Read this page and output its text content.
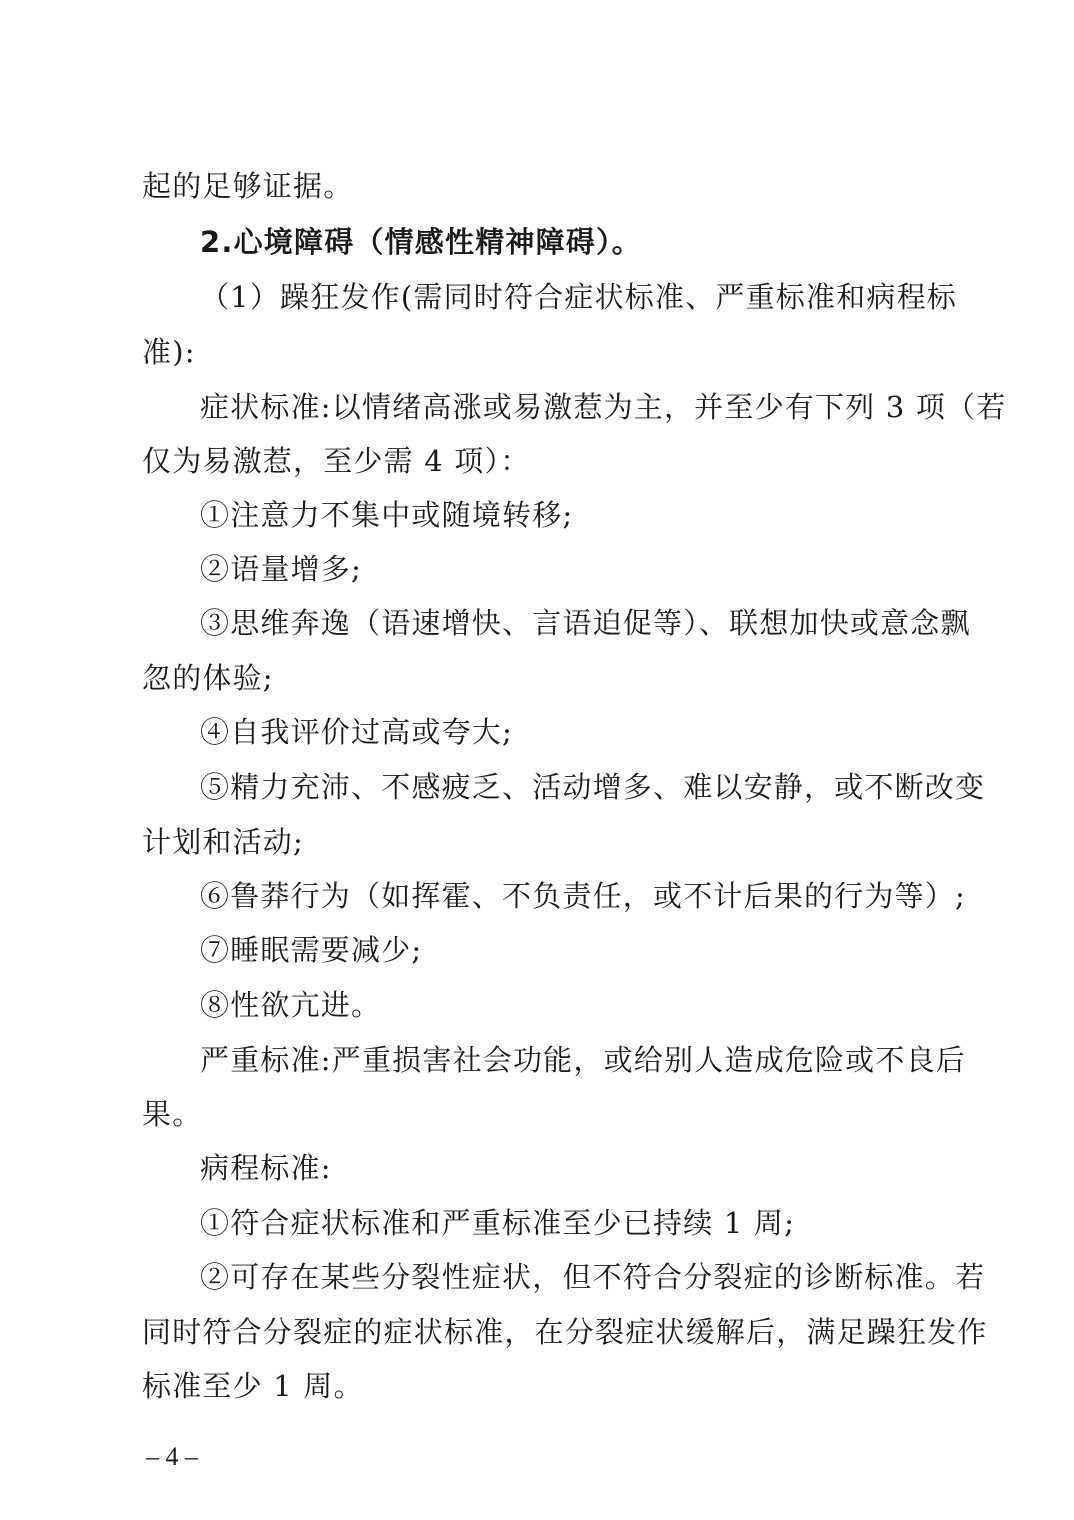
起的足够证据。
2.心境障碍（情感性精神障碍）。
（1）躁狂发作(需同时符合症状标准、严重标准和病程标
准):
症状标准:以情绪高涨或易激惹为主，并至少有下列 3 项（若
仅为易激惹，至少需 4 项）：
①注意力不集中或随境转移;
②语量增多;
③思维奔逸（语速增快、言语迫促等）、联想加快或意念飘
忽的体验;
④自我评价过高或夸大;
⑤精力充沛、不感疲乏、活动增多、难以安静，或不断改变
计划和活动;
⑥鲁莽行为（如挥霍、不负责任，或不计后果的行为等）;
⑦睡眠需要减少;
⑧性欲亢进。
严重标准:严重损害社会功能，或给别人造成危险或不良后
果。
病程标准:
①符合症状标准和严重标准至少已持续 1 周;
②可存在某些分裂性症状，但不符合分裂症的诊断标准。若
同时符合分裂症的症状标准，在分裂症状缓解后，满足躁狂发作
标准至少 1 周。
– 4 –
